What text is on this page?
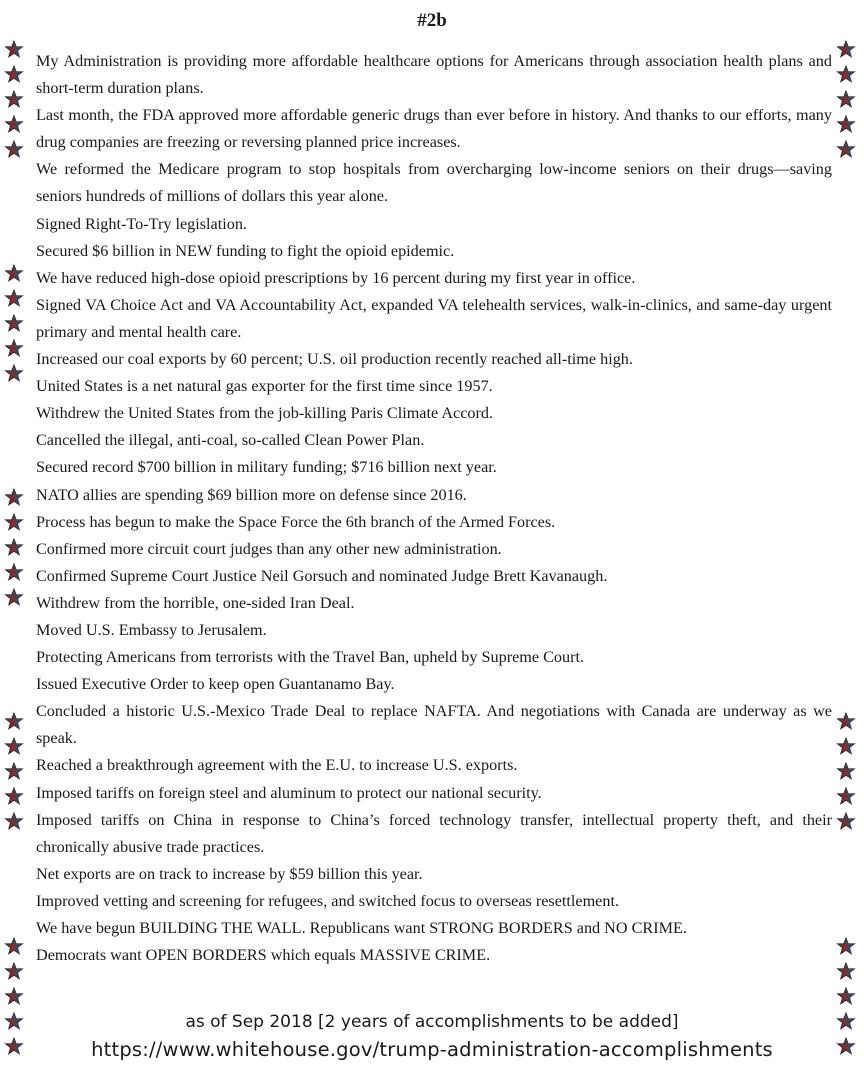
#2b

My Administration is providing more affordable healthcare options for Americans through association health plans and short-term duration plans.

Last month, the FDA approved more affordable generic drugs than ever before in history. And thanks to our efforts, many drug companies are freezing or reversing planned price increases.

We reformed the Medicare program to stop hospitals from overcharging low-income seniors on their drugs—saving seniors hundreds of millions of dollars this year alone.

Signed Right-To-Try legislation.

Secured $6 billion in NEW funding to fight the opioid epidemic.

We have reduced high-dose opioid prescriptions by 16 percent during my first year in office.

Signed VA Choice Act and VA Accountability Act, expanded VA telehealth services, walk-in-clinics, and same-day urgent primary and mental health care.

Increased our coal exports by 60 percent; U.S. oil production recently reached all-time high.

United States is a net natural gas exporter for the first time since 1957.

Withdrew the United States from the job-killing Paris Climate Accord.

Cancelled the illegal, anti-coal, so-called Clean Power Plan.

Secured record $700 billion in military funding; $716 billion next year.

NATO allies are spending $69 billion more on defense since 2016.

Process has begun to make the Space Force the 6th branch of the Armed Forces.

Confirmed more circuit court judges than any other new administration.

Confirmed Supreme Court Justice Neil Gorsuch and nominated Judge Brett Kavanaugh.

Withdrew from the horrible, one-sided Iran Deal.

Moved U.S. Embassy to Jerusalem.

Protecting Americans from terrorists with the Travel Ban, upheld by Supreme Court.

Issued Executive Order to keep open Guantanamo Bay.

Concluded a historic U.S.-Mexico Trade Deal to replace NAFTA. And negotiations with Canada are underway as we speak.

Reached a breakthrough agreement with the E.U. to increase U.S. exports.

Imposed tariffs on foreign steel and aluminum to protect our national security.

Imposed tariffs on China in response to China’s forced technology transfer, intellectual property theft, and their chronically abusive trade practices.

Net exports are on track to increase by $59 billion this year.

Improved vetting and screening for refugees, and switched focus to overseas resettlement.

We have begun BUILDING THE WALL. Republicans want STRONG BORDERS and NO CRIME.

Democrats want OPEN BORDERS which equals MASSIVE CRIME.

as of Sep 2018 [2 years of accomplishments to be added]
https://www.whitehouse.gov/trump-administration-accomplishments
